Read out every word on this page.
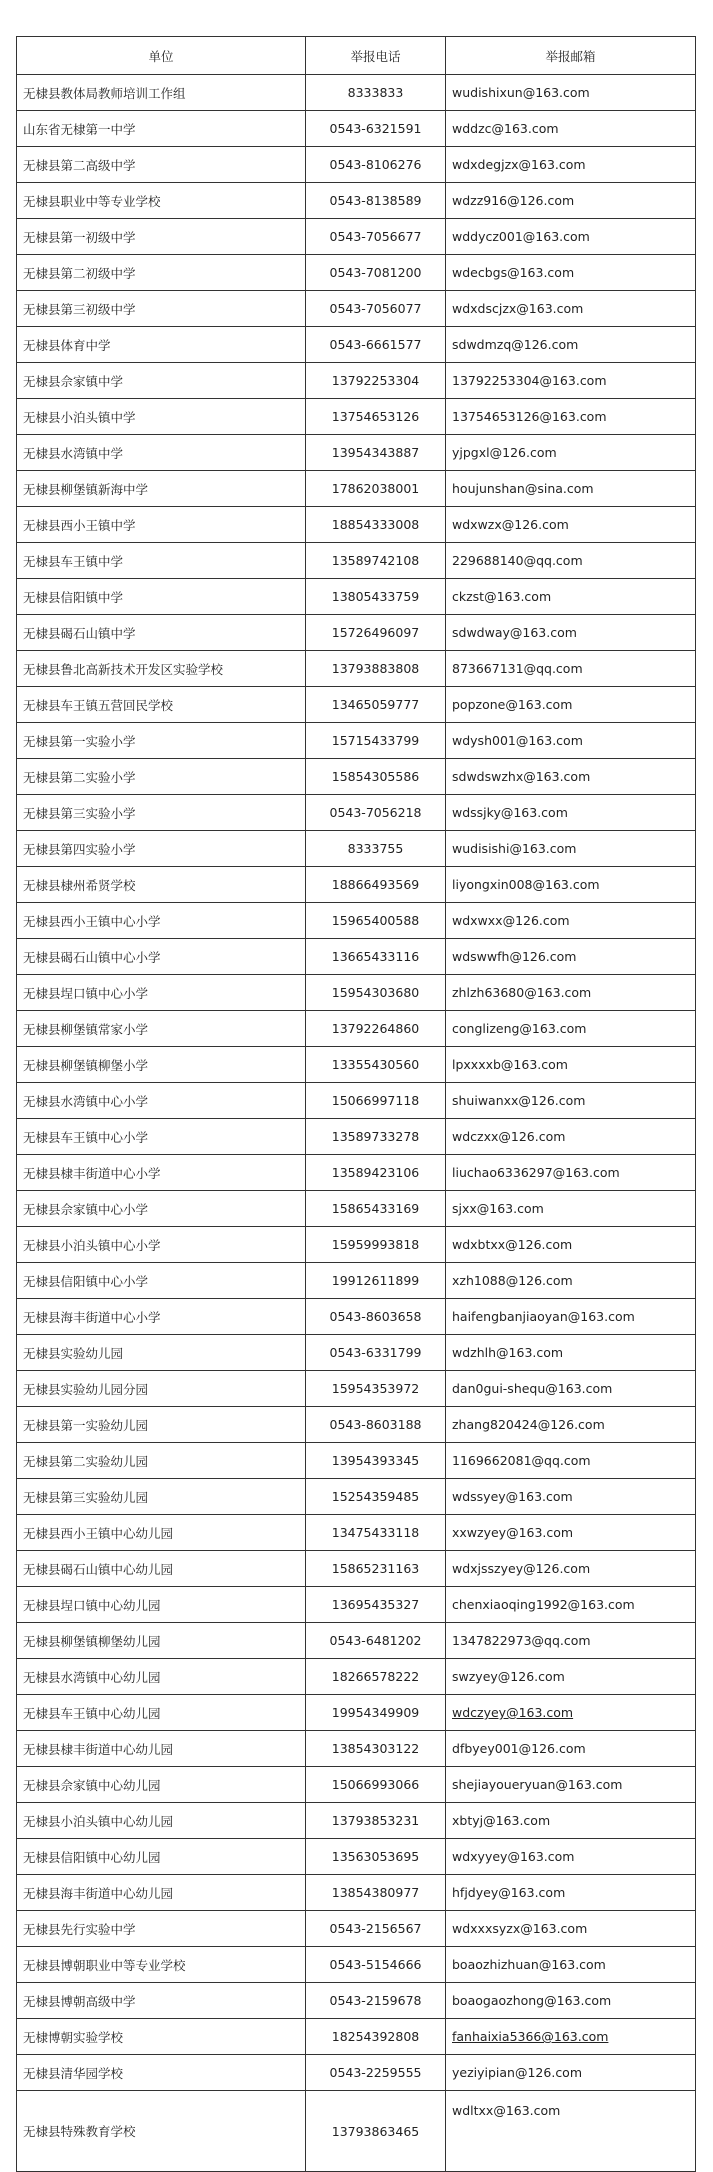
单位	举报电话	举报邮箱
无棣县教体局教师培训工作组	8333833	wudishixun@163.com
山东省无棣第一中学	0543-6321591	wddzc@163.com
无棣县第二高级中学	0543-8106276	wdxdegjzx@163.com
无棣县职业中等专业学校	0543-8138589	wdzz916@126.com
无棣县第一初级中学	0543-7056677	wddycz001@163.com
无棣县第二初级中学	0543-7081200	wdecbgs@163.com
无棣县第三初级中学	0543-7056077	wdxdscjzx@163.com
无棣县体育中学	0543-6661577	sdwdmzq@126.com
无棣县佘家镇中学	13792253304	13792253304@163.com
无棣县小泊头镇中学	13754653126	13754653126@163.com
无棣县水湾镇中学	13954343887	yjpgxl@126.com
无棣县柳堡镇新海中学	17862038001	houjunshan@sina.com
无棣县西小王镇中学	18854333008	wdxwzx@126.com
无棣县车王镇中学	13589742108	229688140@qq.com
无棣县信阳镇中学	13805433759	ckzst@163.com
无棣县碣石山镇中学	15726496097	sdwdway@163.com
无棣县鲁北高新技术开发区实验学校	13793883808	873667131@qq.com
无棣县车王镇五营回民学校	13465059777	popzone@163.com
无棣县第一实验小学	15715433799	wdysh001@163.com
无棣县第二实验小学	15854305586	sdwdswzhx@163.com
无棣县第三实验小学	0543-7056218	wdssjky@163.com
无棣县第四实验小学	8333755	wudisishi@163.com
无棣县棣州希贤学校	18866493569	liyongxin008@163.com
无棣县西小王镇中心小学	15965400588	wdxwxx@126.com
无棣县碣石山镇中心小学	13665433116	wdswwfh@126.com
无棣县埕口镇中心小学	15954303680	zhlzh63680@163.com
无棣县柳堡镇常家小学	13792264860	conglizeng@163.com
无棣县柳堡镇柳堡小学	13355430560	lpxxxxb@163.com
无棣县水湾镇中心小学	15066997118	shuiwanxx@126.com
无棣县车王镇中心小学	13589733278	wdczxx@126.com
无棣县棣丰街道中心小学	13589423106	liuchao6336297@163.com
无棣县佘家镇中心小学	15865433169	sjxx@163.com
无棣县小泊头镇中心小学	15959993818	wdxbtxx@126.com
无棣县信阳镇中心小学	19912611899	xzh1088@126.com
无棣县海丰街道中心小学	0543-8603658	haifengbanjiaoyan@163.com
无棣县实验幼儿园	0543-6331799	wdzhlh@163.com
无棣县实验幼儿园分园	15954353972	dan0gui-shequ@163.com
无棣县第一实验幼儿园	0543-8603188	zhang820424@126.com
无棣县第二实验幼儿园	13954393345	1169662081@qq.com
无棣县第三实验幼儿园	15254359485	wdssyey@163.com
无棣县西小王镇中心幼儿园	13475433118	xxwzyey@163.com
无棣县碣石山镇中心幼儿园	15865231163	wdxjsszyey@126.com
无棣县埕口镇中心幼儿园	13695435327	chenxiaoqing1992@163.com
无棣县柳堡镇柳堡幼儿园	0543-6481202	1347822973@qq.com
无棣县水湾镇中心幼儿园	18266578222	swzyey@126.com
无棣县车王镇中心幼儿园	19954349909	wdczyey@163.com
无棣县棣丰街道中心幼儿园	13854303122	dfbyey001@126.com
无棣县佘家镇中心幼儿园	15066993066	shejiayoueryuan@163.com
无棣县小泊头镇中心幼儿园	13793853231	xbtyj@163.com
无棣县信阳镇中心幼儿园	13563053695	wdxyyey@163.com
无棣县海丰街道中心幼儿园	13854380977	hfjdyey@163.com
无棣县先行实验中学	0543-2156567	wdxxxsyzx@163.com
无棣县博朝职业中等专业学校	0543-5154666	boaozhizhuan@163.com
无棣县博朝高级中学	0543-2159678	boaogaozhong@163.com
无棣博朝实验学校	18254392808	fanhaixia5366@163.com
无棣县清华园学校	0543-2259555	yeziyipian@126.com
无棣县特殊教育学校	13793863465	wdltxx@163.com
